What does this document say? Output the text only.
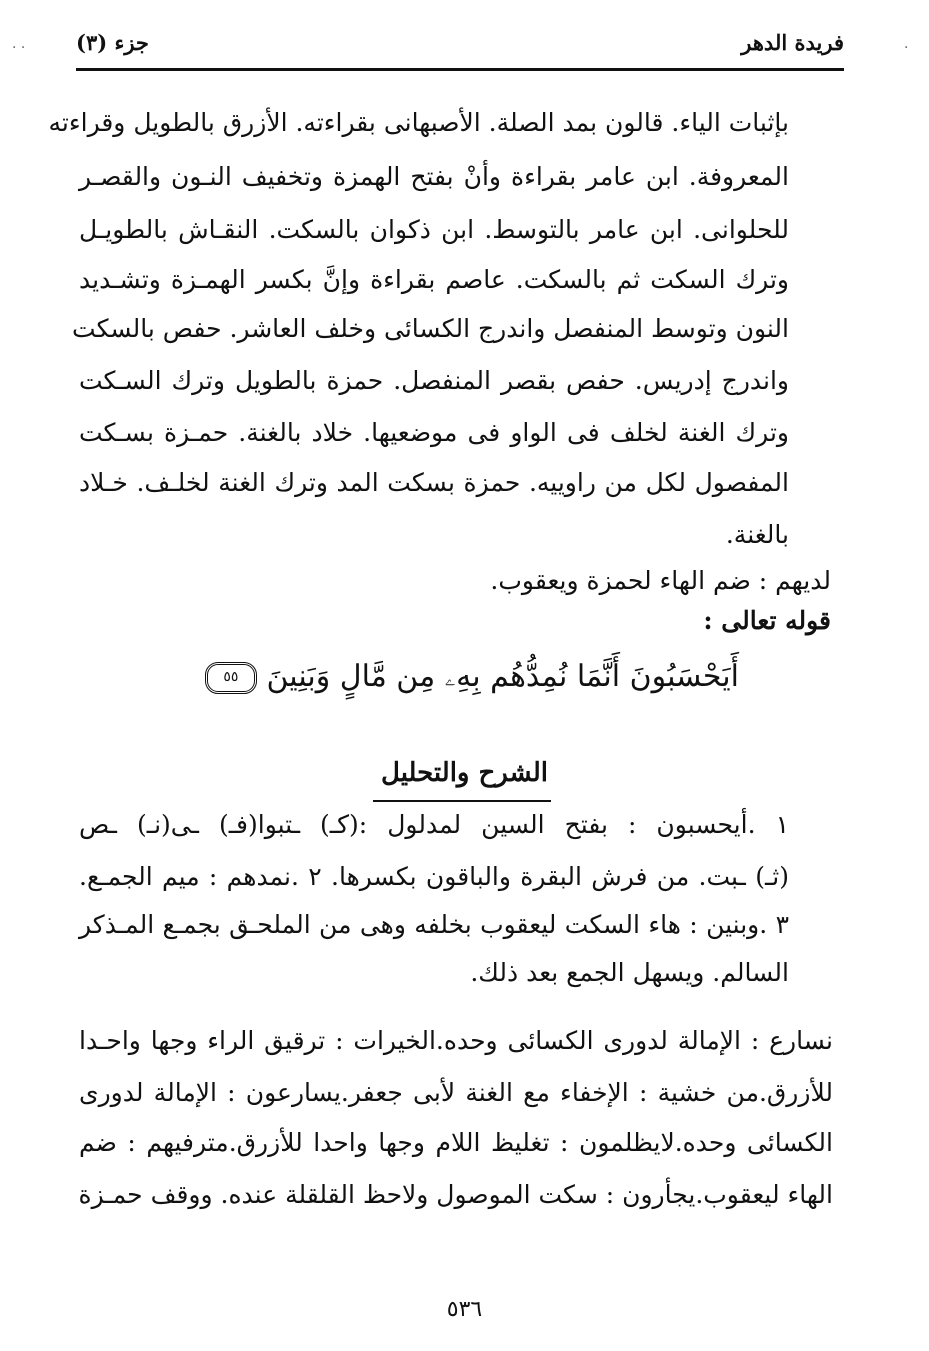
فريدة الدهر
جزء (٣)
· ·	·
بإثبات الياء. قالون بمد الصلة. الأصبهانى بقراءته. الأزرق بالطويل وقراءته
المعروفة. ابن عامر بقراءة وأنْ بفتح الهمزة وتخفيف النـون والقصـر
للحلوانى. ابن عامر بالتوسط. ابن ذكوان بالسكت. النقـاش بالطويـل
وترك السكت ثم بالسكت. عاصم بقراءة وإنَّ بكسر الهمـزة وتشـديد
النون وتوسط المنفصل واندرج الكسائى وخلف العاشر. حفص بالسكت
واندرج إدريس. حفص بقصر المنفصل. حمزة بالطويل وترك السـكت
وترك الغنة لخلف فى الواو فى موضعيها. خلاد بالغنة. حمـزة بسـكت
المفصول لكل من راوييه. حمزة بسكت المد وترك الغنة لخلـف. خـلاد
بالغنة.
لديهم : ضم الهاء لحمزة ويعقوب.
قوله تعالى :
أَيَحْسَبُونَ أَنَّمَا نُمِدُّهُم بِهِۦ مِن مَّالٍ وَبَنِينَ ٥٥
الشرح والتحليل
١ .أيحسبون : بفتح السين لمدلول :(كـ) ـتبوا(فـ) ـى(نـ) ـص
(ثـ) ـبت. من فرش البقرة والباقون بكسرها. ٢ .نمدهم : ميم الجمـع.
٣ .وبنين : هاء السكت ليعقوب بخلفه وهى من الملحـق بجمـع المـذكر
السالم. ويسهل الجمع بعد ذلك.
نسارع : الإمالة لدورى الكسائى وحده.الخيرات : ترقيق الراء وجها واحـدا
للأزرق.من خشية : الإخفاء مع الغنة لأبى جعفر.يسارعون : الإمالة لدورى
الكسائى وحده.لايظلمون : تغليظ اللام وجها واحدا للأزرق.مترفيهم : ضم
الهاء ليعقوب.يجأرون : سكت الموصول ولاحظ القلقلة عنده. ووقف حمـزة
٥٣٦
